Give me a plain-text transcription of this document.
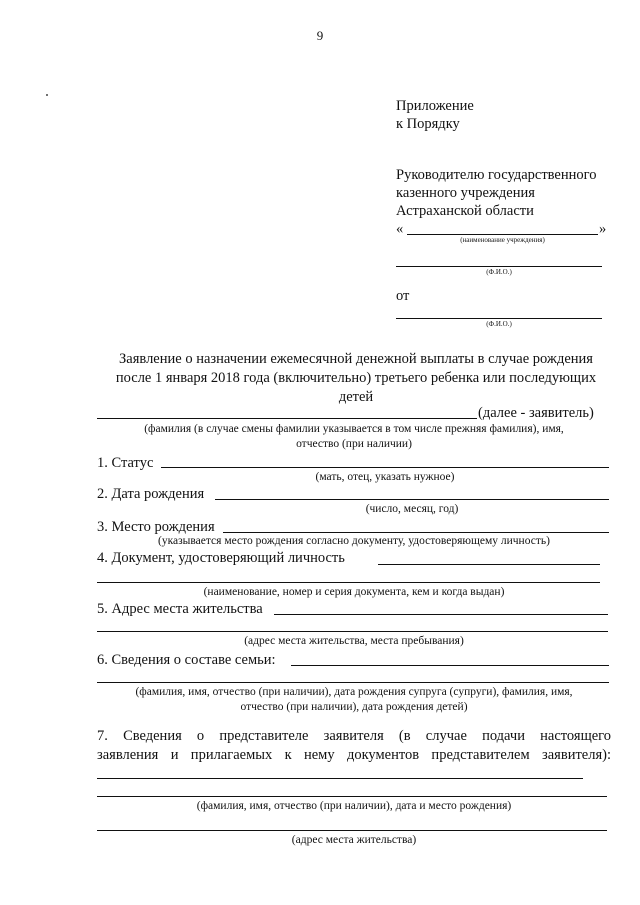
9
Приложение
к Порядку
Руководителю государственного
казенного учреждения
Астраханской области
«	»
(наименование учреждения)
(Ф.И.О.)
от
(Ф.И.О.)
Заявление о назначении ежемесячной денежной выплаты в случае рождения
после 1 января 2018 года (включительно) третьего ребенка или последующих
детей
(далее - заявитель)
(фамилия (в случае смены фамилии указывается в том числе прежняя фамилия), имя,
отчество (при наличии)
1. Статус
(мать, отец, указать нужное)
2. Дата рождения
(число, месяц, год)
3. Место рождения
(указывается место рождения согласно документу, удостоверяющему личность)
4. Документ, удостоверяющий личность
(наименование, номер и серия документа, кем и когда выдан)
5. Адрес места жительства
(адрес места жительства, места пребывания)
6. Сведения о составе семьи:
(фамилия, имя, отчество (при наличии), дата рождения супруга (супруги), фамилия, имя,
отчество (при наличии), дата рождения детей)
7. Сведения о представителе заявителя (в случае подачи настоящего
заявления и прилагаемых к нему документов представителем заявителя):
(фамилия, имя, отчество (при наличии), дата и место рождения)
(адрес места жительства)
